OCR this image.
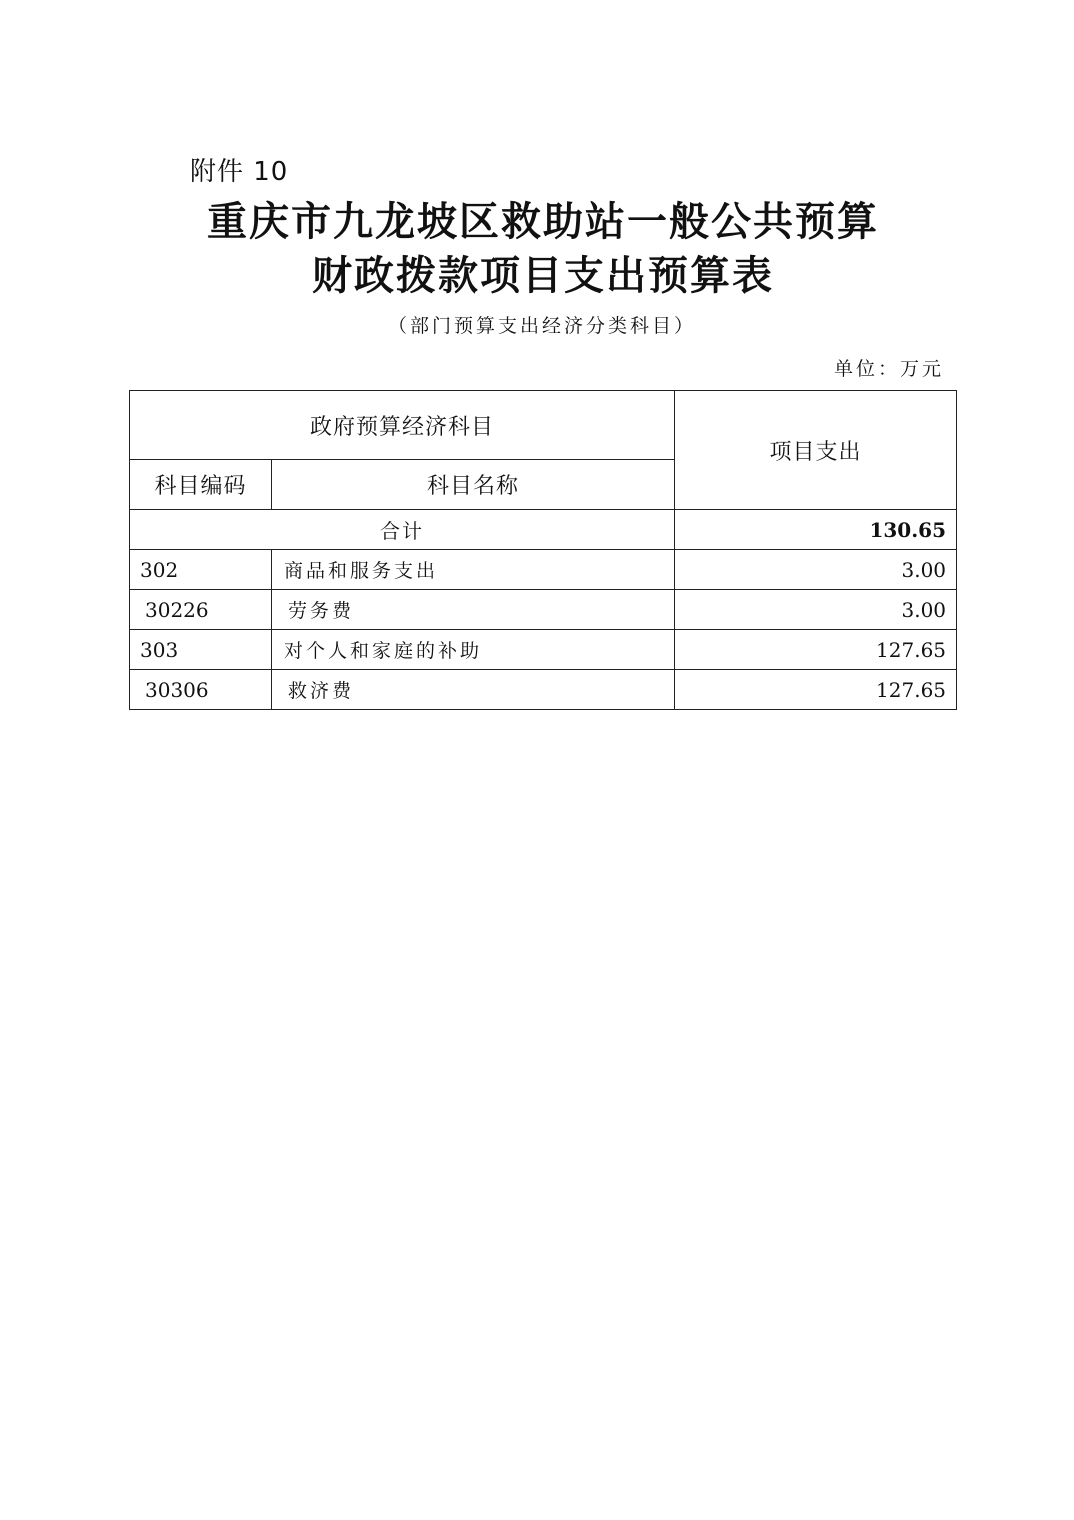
附件 10
重庆市九龙坡区救助站一般公共预算
财政拨款项目支出预算表
（部门预算支出经济分类科目）
单位：万元
政府预算经济科目		项目支出
科目编码	科目名称	
合计		130.65
302	商品和服务支出	3.00
30226	劳务费	3.00
303	对个人和家庭的补助	127.65
30306	救济费	127.65
